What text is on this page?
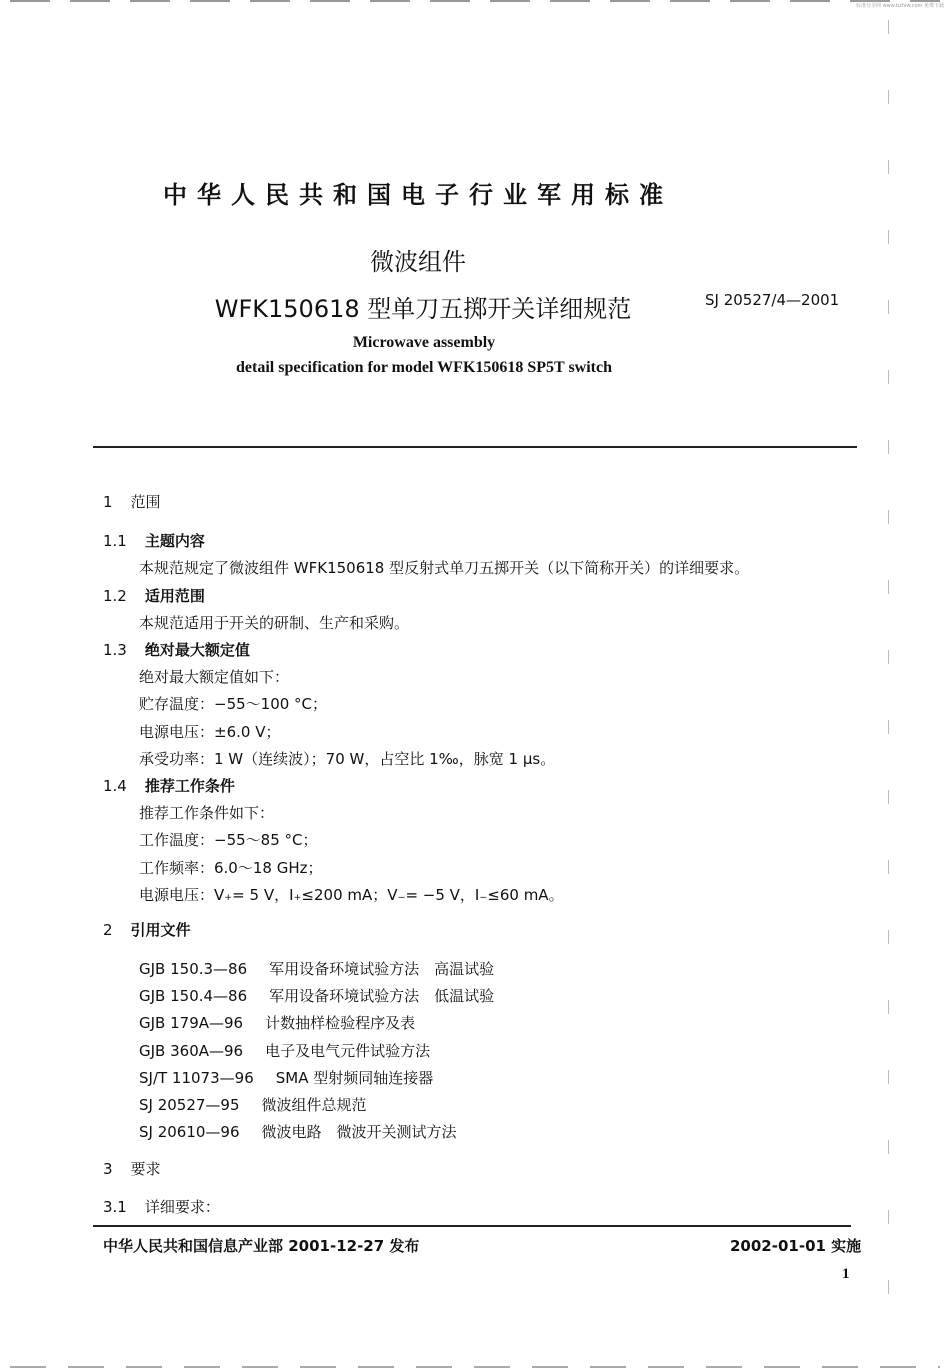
标准分享网 www.bzfxw.com 免费下载
中华人民共和国电子行业军用标准
微波组件
WFK150618 型单刀五掷开关详细规范	SJ 20527/4—2001
Microwave assembly
detail specification for model WFK150618 SP5T switch
1 范围
1.1 主题内容
本规范规定了微波组件 WFK150618 型反射式单刀五掷开关（以下简称开关）的详细要求。
1.2 适用范围
本规范适用于开关的研制、生产和采购。
1.3 绝对最大额定值
绝对最大额定值如下：
贮存温度：−55～100 °C；
电源电压：±6.0 V；
承受功率：1 W（连续波）；70 W，占空比 1‰，脉宽 1 μs。
1.4 推荐工作条件
推荐工作条件如下：
工作温度：−55～85 °C；
工作频率：6.0～18 GHz；
电源电压：V₊= 5 V，I₊≤200 mA；V₋= −5 V，I₋≤60 mA。
2 引用文件
GJB 150.3—86 军用设备环境试验方法　高温试验
GJB 150.4—86 军用设备环境试验方法　低温试验
GJB 179A—96 计数抽样检验程序及表
GJB 360A—96 电子及电气元件试验方法
SJ/T 11073—96 SMA 型射频同轴连接器
SJ 20527—95 微波组件总规范
SJ 20610—96 微波电路　微波开关测试方法
3 要求
3.1 详细要求：
中华人民共和国信息产业部 2001-12-27 发布	2002-01-01 实施
1
